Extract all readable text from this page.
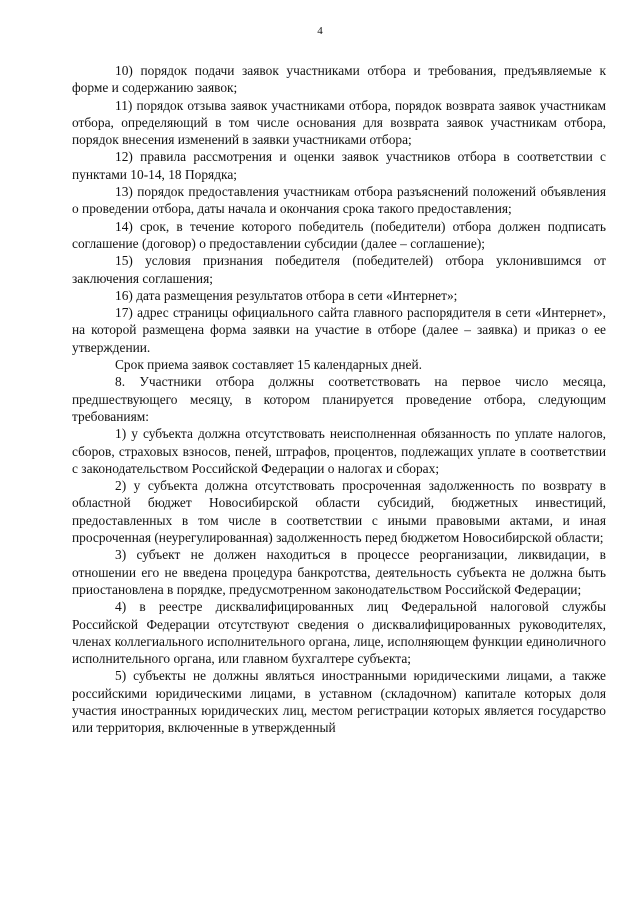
4

10) порядок подачи заявок участниками отбора и требования, предъявляемые к форме и содержанию заявок;

11) порядок отзыва заявок участниками отбора, порядок возврата заявок участникам отбора, определяющий в том числе основания для возврата заявок участникам отбора, порядок внесения изменений в заявки участниками отбора;

12) правила рассмотрения и оценки заявок участников отбора в соответствии с пунктами 10-14, 18 Порядка;

13) порядок предоставления участникам отбора разъяснений положений объявления о проведении отбора, даты начала и окончания срока такого предоставления;

14) срок, в течение которого победитель (победители) отбора должен подписать соглашение (договор) о предоставлении субсидии (далее – соглашение);

15) условия признания победителя (победителей) отбора уклонившимся от заключения соглашения;

16) дата размещения результатов отбора в сети «Интернет»;

17) адрес страницы официального сайта главного распорядителя в сети «Интернет», на которой размещена форма заявки на участие в отборе (далее – заявка) и приказ о ее утверждении.

Срок приема заявок составляет 15 календарных дней.

8. Участники отбора должны соответствовать на первое число месяца, предшествующего месяцу, в котором планируется проведение отбора, следующим требованиям:

1) у субъекта должна отсутствовать неисполненная обязанность по уплате налогов, сборов, страховых взносов, пеней, штрафов, процентов, подлежащих уплате в соответствии с законодательством Российской Федерации о налогах и сборах;

2) у субъекта должна отсутствовать просроченная задолженность по возврату в областной бюджет Новосибирской области субсидий, бюджетных инвестиций, предоставленных в том числе в соответствии с иными правовыми актами, и иная просроченная (неурегулированная) задолженность перед бюджетом Новосибирской области;

3) субъект не должен находиться в процессе реорганизации, ликвидации, в отношении его не введена процедура банкротства, деятельность субъекта не должна быть приостановлена в порядке, предусмотренном законодательством Российской Федерации;

4) в реестре дисквалифицированных лиц Федеральной налоговой службы Российской Федерации отсутствуют сведения о дисквалифицированных руководителях, членах коллегиального исполнительного органа, лице, исполняющем функции единоличного исполнительного органа, или главном бухгалтере субъекта;

5) субъекты не должны являться иностранными юридическими лицами, а также российскими юридическими лицами, в уставном (складочном) капитале которых доля участия иностранных юридических лиц, местом регистрации которых является государство или территория, включенные в утвержденный
